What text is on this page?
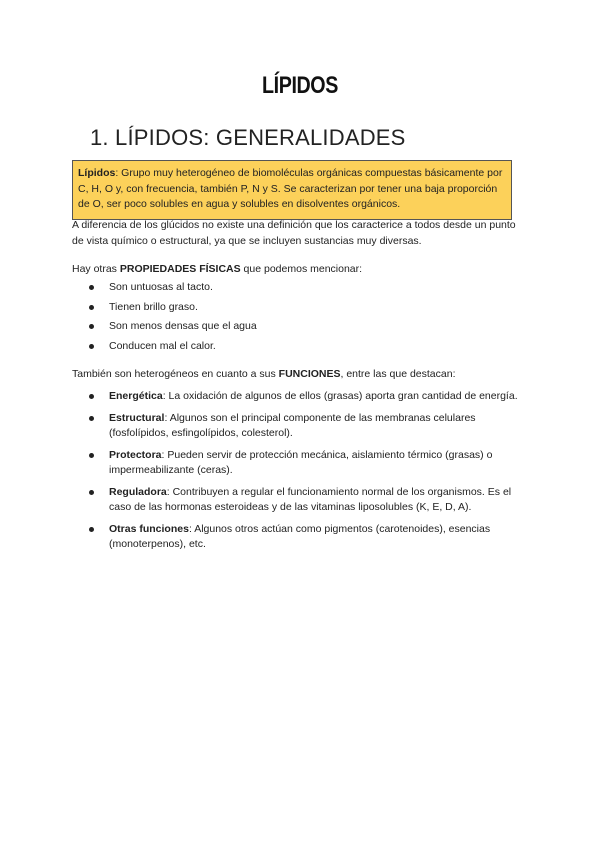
LÍPIDOS
1. LÍPIDOS: GENERALIDADES
Lípidos: Grupo muy heterogéneo de biomoléculas orgánicas compuestas básicamente por C, H, O y, con frecuencia, también P, N y S. Se caracterizan por tener una baja proporción de O, ser poco solubles en agua y solubles en disolventes orgánicos.
A diferencia de los glúcidos no existe una definición que los caracterice a todos desde un punto de vista químico o estructural, ya que se incluyen sustancias muy diversas.
Hay otras PROPIEDADES FÍSICAS que podemos mencionar:
Son untuosas al tacto.
Tienen brillo graso.
Son menos densas que el agua
Conducen mal el calor.
También son heterogéneos en cuanto a sus FUNCIONES, entre las que destacan:
Energética: La oxidación de algunos de ellos (grasas) aporta gran cantidad de energía.
Estructural: Algunos son el principal componente de las membranas celulares (fosfolípidos, esfingolípidos, colesterol).
Protectora: Pueden servir de protección mecánica, aislamiento térmico (grasas) o impermeabilizante (ceras).
Reguladora: Contribuyen a regular el funcionamiento normal de los organismos. Es el caso de las hormonas esteroideas y de las vitaminas liposolubles (K, E, D, A).
Otras funciones: Algunos otros actúan como pigmentos (carotenoides), esencias (monoterpenos), etc.
